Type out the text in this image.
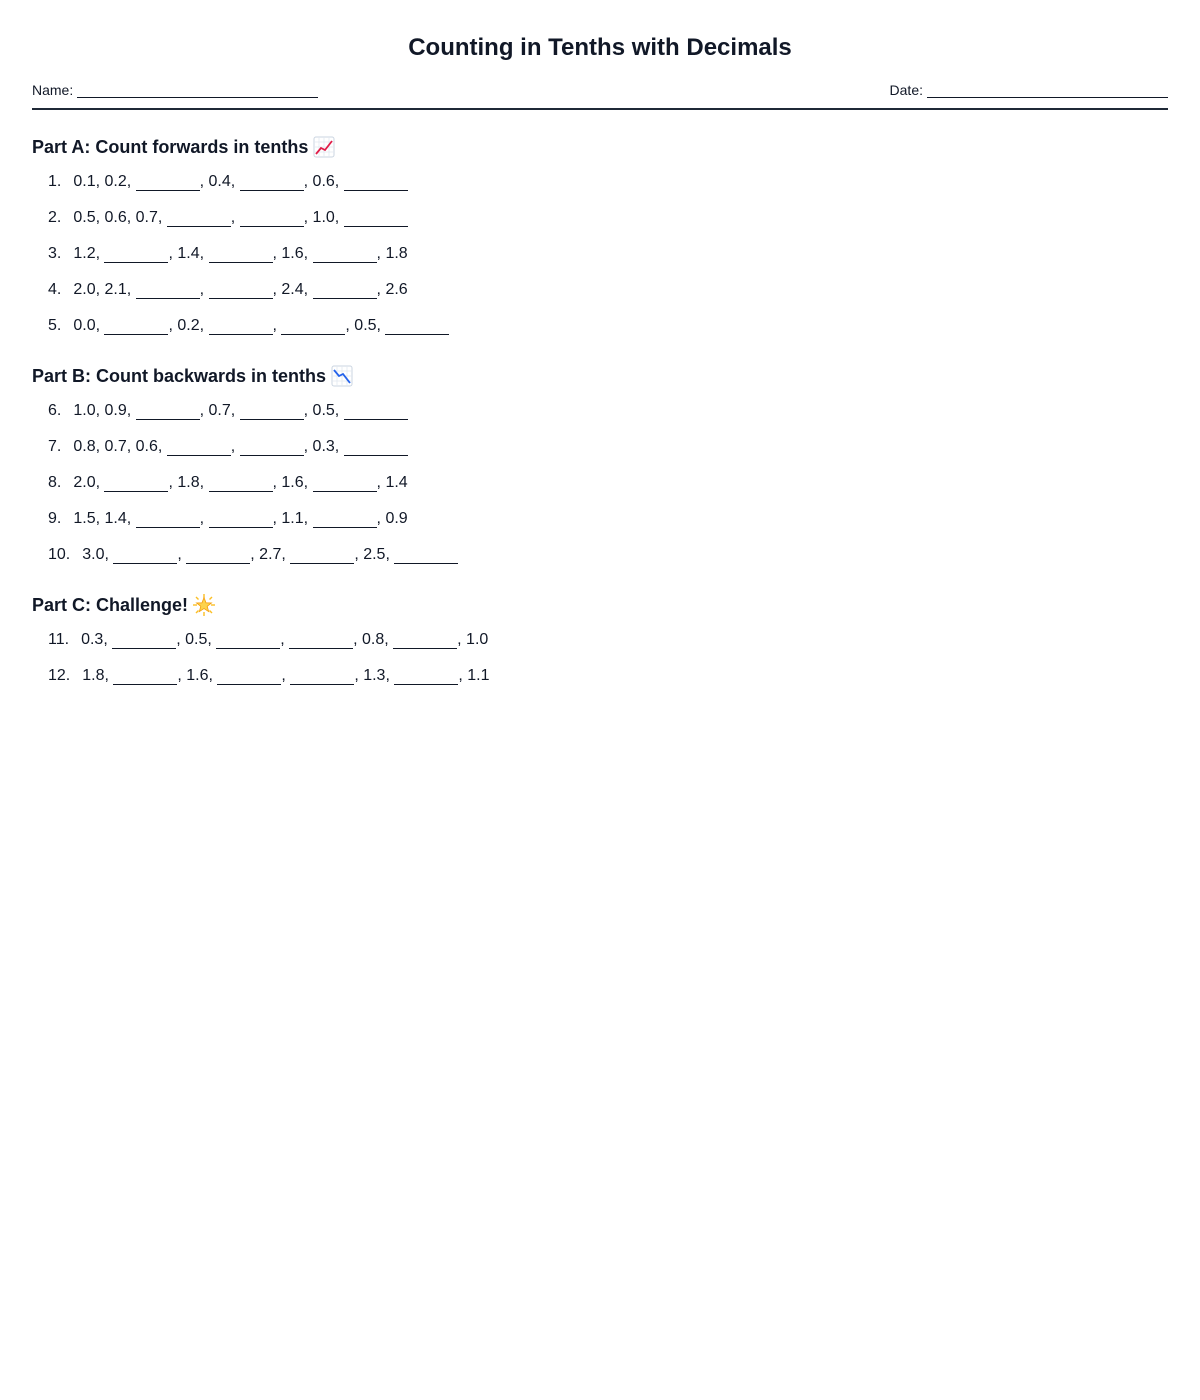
Counting in Tenths with Decimals
Name:	Date:
Part A: Count forwards in tenths
1. 0.1 , 0.2 ,	, 0.4 ,	, 0.6 ,
2. 0.5 , 0.6 , 0.7 ,	,	, 1.0 ,
3. 1.2 ,	, 1.4 ,	, 1.6 ,	, 1.8
4. 2.0 , 2.1 ,	,	, 2.4 ,	, 2.6
5. 0.0 ,	, 0.2 ,	,	, 0.5 ,
Part B: Count backwards in tenths
6. 1.0 , 0.9 ,	, 0.7 ,	, 0.5 ,
7. 0.8 , 0.7 , 0.6 ,	,	, 0.3 ,
8. 2.0 ,	, 1.8 ,	, 1.6 ,	, 1.4
9. 1.5 , 1.4 ,	,	, 1.1 ,	, 0.9
10. 3.0 ,	,	, 2.7 ,	, 2.5 ,
Part C: Challenge!
11. 0.3 ,	, 0.5 ,	,	, 0.8 ,	, 1.0
12. 1.8 ,	, 1.6 ,	,	, 1.3 ,	, 1.1
